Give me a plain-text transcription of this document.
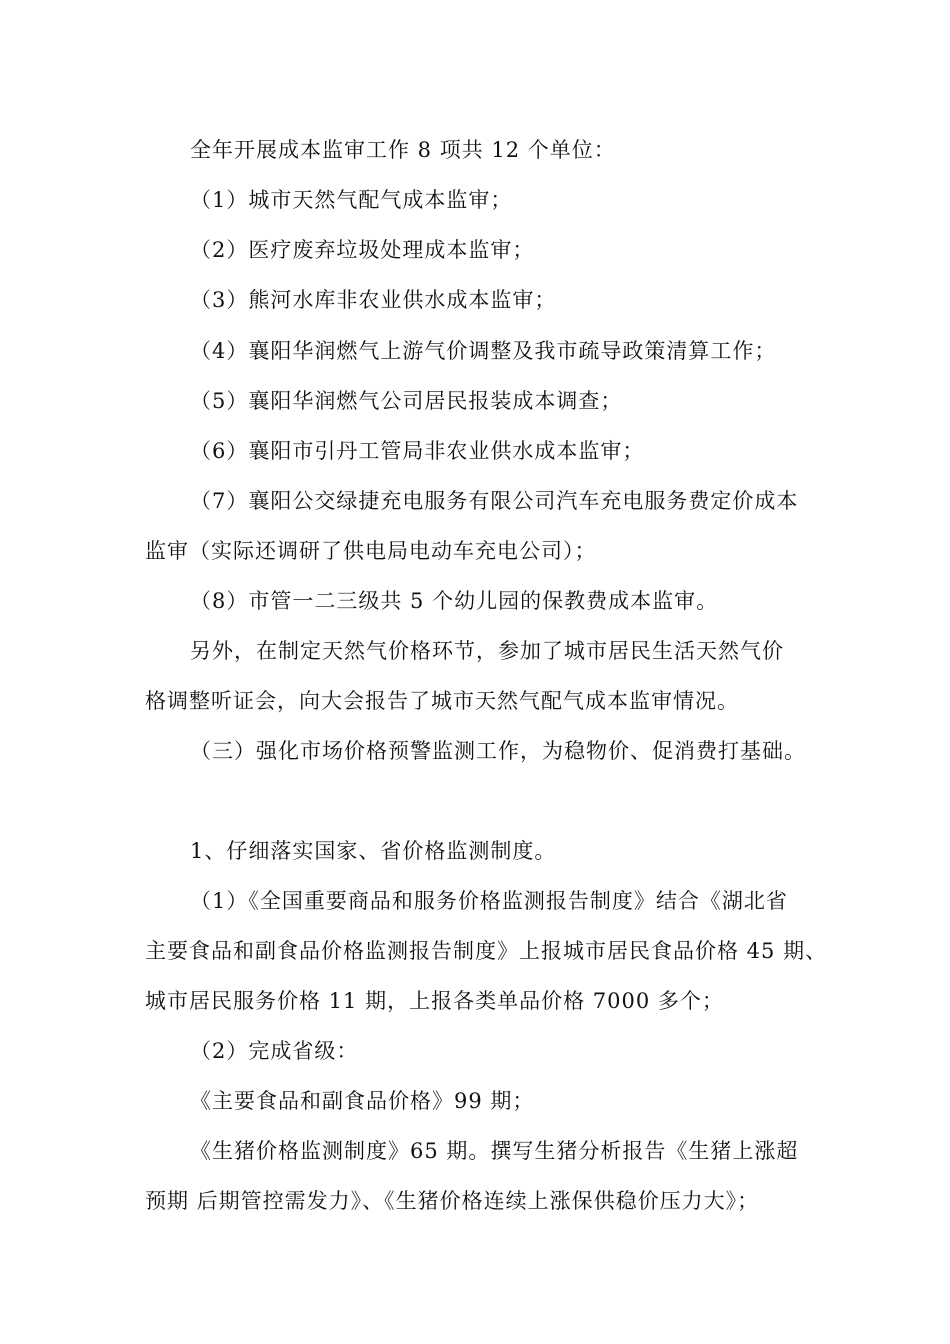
全年开展成本监审工作 8 项共 12 个单位：
（1）城市天然气配气成本监审；
（2）医疗废弃垃圾处理成本监审；
（3）熊河水库非农业供水成本监审；
（4）襄阳华润燃气上游气价调整及我市疏导政策清算工作；
（5）襄阳华润燃气公司居民报装成本调查；
（6）襄阳市引丹工管局非农业供水成本监审；
（7）襄阳公交绿捷充电服务有限公司汽车充电服务费定价成本
监审（实际还调研了供电局电动车充电公司）；
（8）市管一二三级共 5 个幼儿园的保教费成本监审。
另外，在制定天然气价格环节，参加了城市居民生活天然气价
格调整听证会，向大会报告了城市天然气配气成本监审情况。
（三）强化市场价格预警监测工作，为稳物价、促消费打基础。
1、仔细落实国家、省价格监测制度。
（1）《全国重要商品和服务价格监测报告制度》结合《湖北省
主要食品和副食品价格监测报告制度》上报城市居民食品价格 45 期、
城市居民服务价格 11 期，上报各类单品价格 7000 多个；
（2）完成省级：
《主要食品和副食品价格》99 期；
《生猪价格监测制度》65 期。撰写生猪分析报告《生猪上涨超
预期 后期管控需发力》、《生猪价格连续上涨保供稳价压力大》；
